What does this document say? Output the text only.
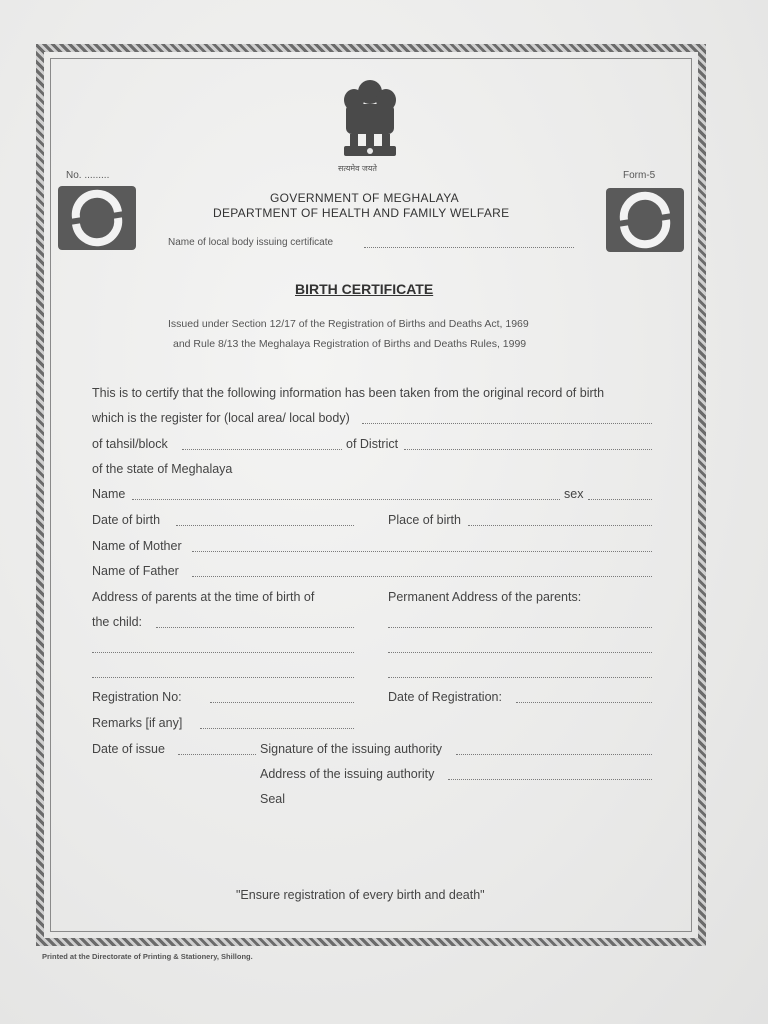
सत्यमेव जयते
No. .........	Form-5
GOVERNMENT OF MEGHALAYA
DEPARTMENT OF HEALTH AND FAMILY WELFARE
Name of local body issuing certificate
BIRTH CERTIFICATE
Issued under Section 12/17 of the Registration of Births and Deaths Act, 1969
and Rule 8/13 the Meghalaya Registration of Births and Deaths Rules, 1999
This is to certify that the following information has been taken from the original record of birth
which is the register for (local area/ local body)
of tahsil/block	of District
of the state of Meghalaya
Name	sex
Date of birth	Place of birth
Name of Mother
Name of Father
Address of parents at the time of birth of	Permanent Address of the parents:
the child:
Registration No:	Date of Registration:
Remarks [if any]
Date of issue	Signature of the issuing authority
Address of the issuing authority
Seal
"Ensure registration of every birth and death"
Printed at the Directorate of Printing & Stationery, Shillong.
